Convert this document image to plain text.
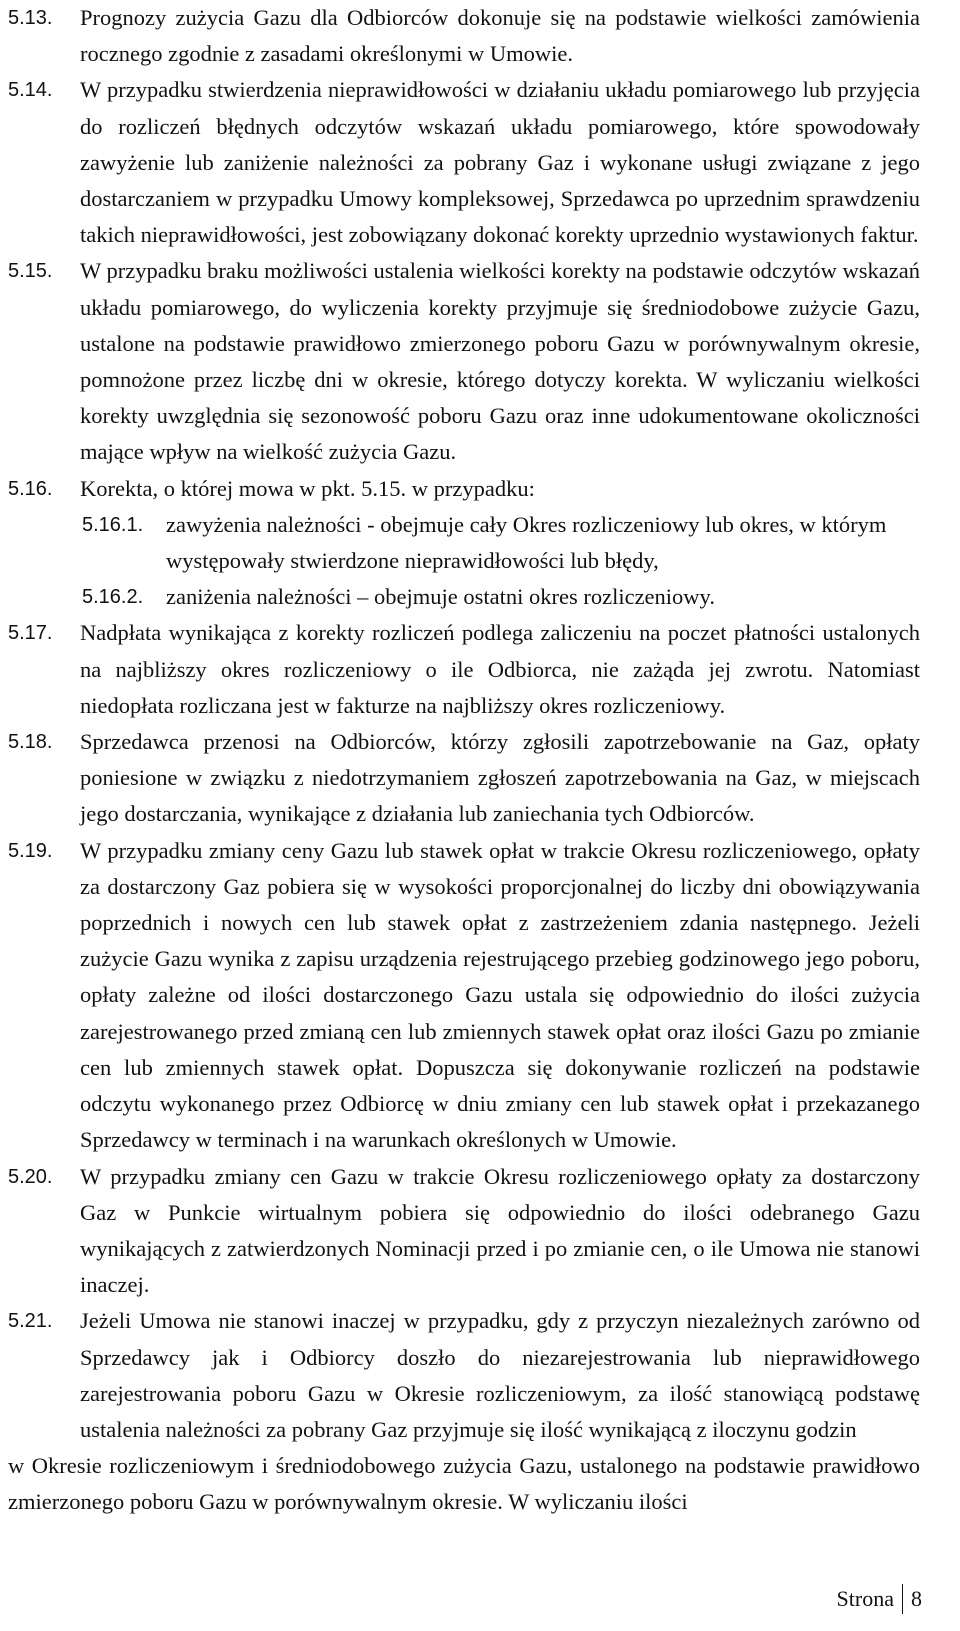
5.13. Prognozy zużycia Gazu dla Odbiorców dokonuje się na podstawie wielkości zamówienia rocznego zgodnie z zasadami określonymi w Umowie.

5.14. W przypadku stwierdzenia nieprawidłowości w działaniu układu pomiarowego lub przyjęcia do rozliczeń błędnych odczytów wskazań układu pomiarowego, które spowodowały zawyżenie lub zaniżenie należności za pobrany Gaz i wykonane usługi związane z jego dostarczaniem w przypadku Umowy kompleksowej, Sprzedawca po uprzednim sprawdzeniu takich nieprawidłowości, jest zobowiązany dokonać korekty uprzednio wystawionych faktur.

5.15. W przypadku braku możliwości ustalenia wielkości korekty na podstawie odczytów wskazań układu pomiarowego, do wyliczenia korekty przyjmuje się średniodobowe zużycie Gazu, ustalone na podstawie prawidłowo zmierzonego poboru Gazu w porównywalnym okresie, pomnożone przez liczbę dni w okresie, którego dotyczy korekta. W wyliczaniu wielkości korekty uwzględnia się sezonowość poboru Gazu oraz inne udokumentowane okoliczności mające wpływ na wielkość zużycia Gazu.

5.16. Korekta, o której mowa w pkt. 5.15. w przypadku:

5.16.1. zawyżenia należności - obejmuje cały Okres rozliczeniowy lub okres, w którym występowały stwierdzone nieprawidłowości lub błędy,

5.16.2. zaniżenia należności – obejmuje ostatni okres rozliczeniowy.

5.17. Nadpłata wynikająca z korekty rozliczeń podlega zaliczeniu na poczet płatności ustalonych na najbliższy okres rozliczeniowy o ile Odbiorca, nie zażąda jej zwrotu. Natomiast niedopłata rozliczana jest w fakturze na najbliższy okres rozliczeniowy.

5.18. Sprzedawca przenosi na Odbiorców, którzy zgłosili zapotrzebowanie na Gaz, opłaty poniesione w związku z niedotrzymaniem zgłoszeń zapotrzebowania na Gaz, w miejscach jego dostarczania, wynikające z działania lub zaniechania tych Odbiorców.

5.19. W przypadku zmiany ceny Gazu lub stawek opłat w trakcie Okresu rozliczeniowego, opłaty za dostarczony Gaz pobiera się w wysokości proporcjonalnej do liczby dni obowiązywania poprzednich i nowych cen lub stawek opłat z zastrzeżeniem zdania następnego. Jeżeli zużycie Gazu wynika z zapisu urządzenia rejestrującego przebieg godzinowego jego poboru, opłaty zależne od ilości dostarczonego Gazu ustala się odpowiednio do ilości zużycia zarejestrowanego przed zmianą cen lub zmiennych stawek opłat oraz ilości Gazu po zmianie cen lub zmiennych stawek opłat. Dopuszcza się dokonywanie rozliczeń na podstawie odczytu wykonanego przez Odbiorcę w dniu zmiany cen lub stawek opłat i przekazanego Sprzedawcy w terminach i na warunkach określonych w Umowie.

5.20. W przypadku zmiany cen Gazu w trakcie Okresu rozliczeniowego opłaty za dostarczony Gaz w Punkcie wirtualnym pobiera się odpowiednio do ilości odebranego Gazu wynikających z zatwierdzonych Nominacji przed i po zmianie cen, o ile Umowa nie stanowi inaczej.

5.21. Jeżeli Umowa nie stanowi inaczej w przypadku, gdy z przyczyn niezależnych zarówno od Sprzedawcy jak i Odbiorcy doszło do niezarejestrowania lub nieprawidłowego zarejestrowania poboru Gazu w Okresie rozliczeniowym, za ilość stanowiącą podstawę ustalenia należności za pobrany Gaz przyjmuje się ilość wynikającą z iloczynu godzin

w Okresie rozliczeniowym i średniodobowego zużycia Gazu, ustalonego na podstawie prawidłowo zmierzonego poboru Gazu w porównywalnym okresie. W wyliczaniu ilości

Strona 8
